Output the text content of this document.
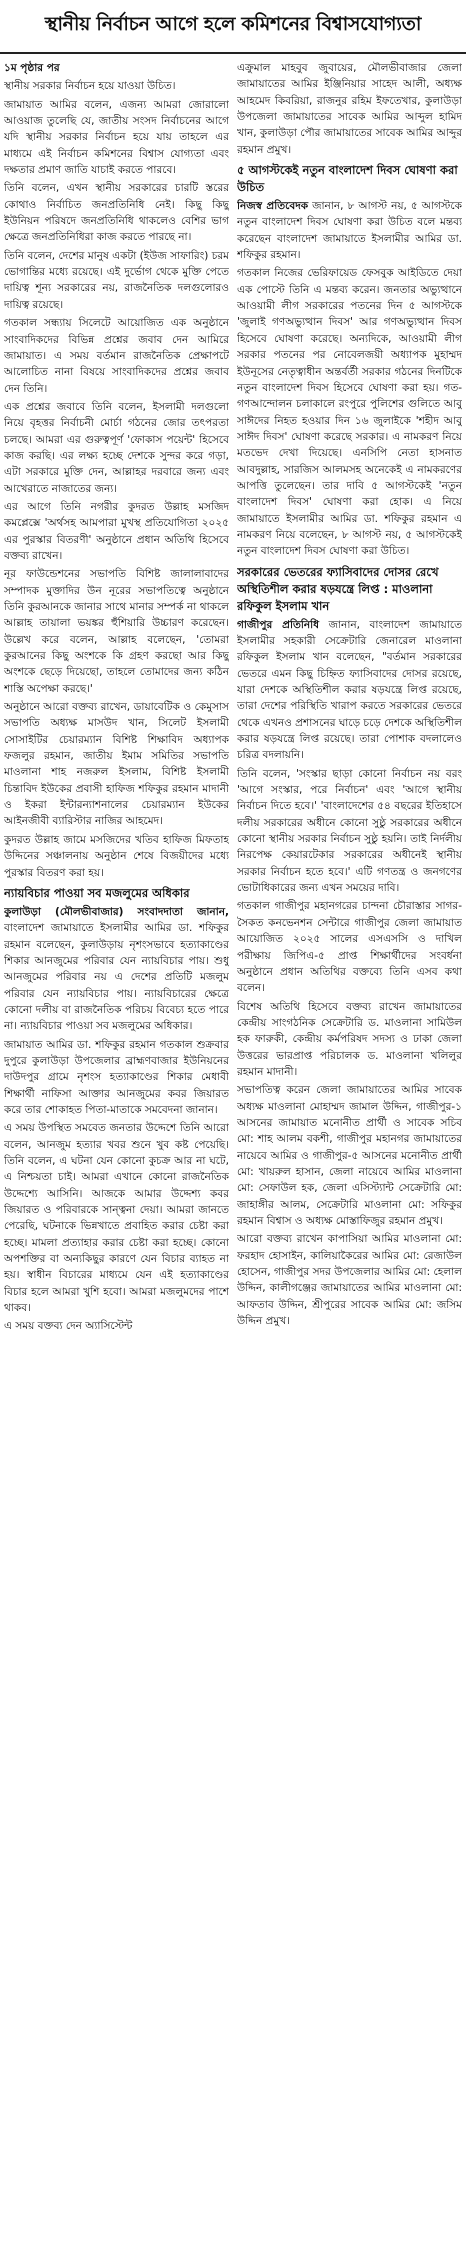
স্থানীয় নির্বাচন আগে হলে কমিশনের বিশ্বাসযোগ্যতা

১ম পৃষ্ঠার পর

স্থানীয় সরকার নির্বাচন হয়ে যাওয়া উচিত।

জামায়াত আমির বলেন, এজন্য আমরা জোরালো আওয়াজ তুলেছি যে, জাতীয় সংসদ নির্বাচনের আগে যদি স্থানীয় সরকার নির্বাচন হয়ে যায় তাহলে এর মাধ্যমে এই নির্বাচন কমিশনের বিশ্বাস যোগ্যতা এবং দক্ষতার প্রমাণ জাতি যাচাই করতে পারবে।

তিনি বলেন, এখন স্থানীয় সরকারের চারটি স্তরের কোথাও নির্বাচিত জনপ্রতিনিধি নেই। কিছু কিছু ইউনিয়ন পরিষদে জনপ্রতিনিধি থাকলেও বেশির ভাগ ক্ষেত্রে জনপ্রতিনিধিরা কাজ করতে পারছে না।

তিনি বলেন, দেশের মানুষ একটা (ইউজ সাফারিং) চরম ভোগান্তির মধ্যে রয়েছে। এই দুর্ভোগ থেকে মুক্তি পেতে দায়িত্ব শূন্য সরকারের নয়, রাজনৈতিক দলগুলোরও দায়িত্ব রয়েছে।

গতকাল সন্ধ্যায় সিলেটে আয়োজিত এক অনুষ্ঠানে সাংবাদিকদের বিভিন্ন প্রশ্নের জবাব দেন আমিরে জামায়াত। এ সময় বর্তমান রাজনৈতিক প্রেক্ষাপটে আলোচিত নানা বিষয়ে সাংবাদিকদের প্রশ্নের জবাব দেন তিনি।

এক প্রশ্নের জবাবে তিনি বলেন, ইসলামী দলগুলো নিয়ে বৃহত্তর নির্বাচনী মোর্চা গঠনের জোর তৎপরতা চলছে। আমরা এর গুরুত্বপূর্ণ 'ফোকাস পয়েন্ট' হিসেবে কাজ করছি। এর লক্ষ্য হচ্ছে দেশকে সুন্দর করে গড়া, এটা সরকারে মুক্তি দেন, আল্লাহর দরবারে জন্য এবং আখেরাতে নাজাতের জন্য।

এর আগে তিনি নগরীর কুদরত উল্লাহ মসজিদ কমপ্লেক্সে 'অর্থসহ আমপারা মুখস্থ প্রতিযোগিতা ২০২৫ এর পুরস্কার বিতরণী' অনুষ্ঠানে প্রধান অতিথি হিসেবে বক্তব্য রাখেন।

নূর ফাউন্ডেশনের সভাপতি বিশিষ্ট জালালাবাদের সম্পাদক মুক্তাদির উন নূরের সভাপতিত্বে অনুষ্ঠানে তিনি কুরআনকে জানার সাথে মানার সম্পর্ক না থাকলে আল্লাহ তায়ালা ভয়ঙ্কর হুঁশিয়ারি উচ্চারণ করেছেন। উল্লেখ করে বলেন, আল্লাহ বলেছেন, 'তোমরা কুরআনের কিছু অংশকে কি গ্রহণ করছো আর কিছু অংশকে ছেড়ে দিয়েছো, তাহলে তোমাদের জন্য কঠিন শাস্তি অপেক্ষা করছে।'

অনুষ্ঠানে আরো বক্তব্য রাখেন, ডায়াবেটিক ও কেমুসাস সভাপতি অধ্যক্ষ মাসউদ খান, সিলেট ইসলামী সোসাইটির চেয়ারম্যান বিশিষ্ট শিক্ষাবিদ অধ্যাপক ফজলুর রহমান, জাতীয় ইমাম সমিতির সভাপতি মাওলানা শাহ নজরুল ইসলাম, বিশিষ্ট ইসলামী চিন্তাবিদ ইউকের প্রবাসী হাফিজ শফিকুর রহমান মাদানী ও ইকরা ইন্টারন্যাশনালের চেয়ারম্যান ইউকের আইনজীবী ব্যারিস্টার নাজির আহমেদ।

কুদরত উল্লাহ জামে মসজিদের খতিব হাফিজ মিফতাহ উদ্দিনের সঞ্চালনায় অনুষ্ঠান শেষে বিজয়ীদের মধ্যে পুরস্কার বিতরণ করা হয়।

ন্যায়বিচার পাওয়া সব মজলুমের অধিকার

কুলাউড়া (মৌলভীবাজার) সংবাদদাতা জানান, বাংলাদেশ জামায়াতে ইসলামীর আমির ডা. শফিকুর রহমান বলেছেন, কুলাউড়ায় নৃশংসভাবে হত্যাকাণ্ডের শিকার আনজুমের পরিবার যেন ন্যায়বিচার পায়। শুধু আনজুমের পরিবার নয় এ দেশের প্রতিটি মজলুম পরিবার যেন ন্যায়বিচার পায়। ন্যায়বিচারের ক্ষেত্রে কোনো দলীয় বা রাজনৈতিক পরিচয় বিবেচ্য হতে পারে না। ন্যায়বিচার পাওয়া সব মজলুমের অধিকার।

জামায়াত আমির ডা. শফিকুর রহমান গতকাল শুক্রবার দুপুরে কুলাউড়া উপজেলার ব্রাহ্মণবাজার ইউনিয়নের দাউদপুর গ্রামে নৃশংস হত্যাকাণ্ডের শিকার মেধাবী শিক্ষার্থী নাফিসা আক্তার আনজুমের কবর জিয়ারত করে তার শোকাহত পিতা-মাতাকে সমবেদনা জানান।

এ সময় উপস্থিত সমবেত জনতার উদ্দেশে তিনি আরো বলেন, আনজুম হত্যার খবর শুনে খুব কষ্ট পেয়েছি। তিনি বলেন, এ ঘটনা যেন কোনো কুচক্র আর না ঘটে, এ নিশ্চয়তা চাই। আমরা এখানে কোনো রাজনৈতিক উদ্দেশ্যে আসিনি। আজকে আমার উদ্দেশ্য কবর জিয়ারত ও পরিবারকে সান্ত্বনা দেয়া। আমরা জানতে পেরেছি, ঘটনাকে ভিন্নখাতে প্রবাহিত করার চেষ্টা করা হচ্ছে। মামলা প্রত্যাহার করার চেষ্টা করা হচ্ছে। কোনো অপশক্তির বা অন্যকিছুর কারণে যেন বিচার ব্যাহত না হয়। স্বাধীন বিচারের মাধ্যমে যেন এই হত্যাকাণ্ডের বিচার হলে আমরা খুশি হবো। আমরা মজলুমদের পাশে থাকব।

এ সময় বক্তব্য দেন অ্যাসিস্টেন্ট

এক্রুমাল মাহবুব জুবায়ের, মৌলভীবাজার জেলা জামায়াতের আমির ইঞ্জিনিয়ার সাহেদ আলী, অধ্যক্ষ আহমেদ কিবরিয়া, রাজনুর রহিম ইফতেখার, কুলাউড়া উপজেলা জামায়াতের সাবেক আমির আব্দুল হামিদ খান, কুলাউড়া পৌর জামায়াতের সাবেক আমির আব্দুর রহমান প্রমুখ।

৫ আগস্টকেই নতুন বাংলাদেশ দিবস ঘোষণা করা উচিত

নিজস্ব প্রতিবেদক জানান, ৮ আগস্ট নয়, ৫ আগস্টকে নতুন বাংলাদেশ দিবস ঘোষণা করা উচিত বলে মন্তব্য করেছেন বাংলাদেশ জামায়াতে ইসলামীর আমির ডা. শফিকুর রহমান।

গতকাল নিজের ভেরিফায়েড ফেসবুক আইডিতে দেয়া এক পোস্টে তিনি এ মন্তব্য করেন। জনতার অভ্যুত্থানে আওয়ামী লীগ সরকারের পতনের দিন ৫ আগস্টকে 'জুলাই গণঅভ্যুত্থান দিবস' আর গণঅভ্যুত্থান দিবস হিসেবে ঘোষণা করেছে। অন্যদিকে, আওয়ামী লীগ সরকার পতনের পর নোবেলজয়ী অধ্যাপক মুহাম্মদ ইউনূসের নেতৃত্বাধীন অন্তর্বর্তী সরকার গঠনের দিনটিকে নতুন বাংলাদেশ দিবস হিসেবে ঘোষণা করা হয়। গত-গণআন্দোলন চলাকালে রংপুরে পুলিশের গুলিতে আবু সাঈদের নিহত হওয়ার দিন ১৬ জুলাইকে 'শহীদ আবু সাঈদ দিবস' ঘোষণা করেছে সরকার। এ নামকরণ নিয়ে মতভেদ দেখা দিয়েছে। এনসিপি নেতা হাসনাত আবদুল্লাহ, সারজিস আলমসহ অনেকেই এ নামকরণের আপত্তি তুলেছেন। তার দাবি ৫ আগস্টকেই 'নতুন বাংলাদেশ দিবস' ঘোষণা করা হোক। এ নিয়ে জামায়াতে ইসলামীর আমির ডা. শফিকুর রহমান এ নামকরণ নিয়ে বলেছেন, ৮ আগস্ট নয়, ৫ আগস্টকেই নতুন বাংলাদেশ দিবস ঘোষণা করা উচিত।

সরকারের ভেতরের ফ্যাসিবাদের দোসর রেখে অস্থিতিশীল করার ষড়যন্ত্রে লিপ্ত : মাওলানা রফিকুল ইসলাম খান

গাজীপুর প্রতিনিধি জানান, বাংলাদেশ জামায়াতে ইসলামীর সহকারী সেক্রেটারি জেনারেল মাওলানা রফিকুল ইসলাম খান বলেছেন, "বর্তমান সরকারের ভেতরে এমন কিছু চিহ্নিত ফ্যাসিবাদের দোসর রয়েছে, যারা দেশকে অস্থিতিশীল করার ষড়যন্ত্রে লিপ্ত রয়েছে, তারা দেশের পরিস্থিতি খারাপ করতে সরকারের ভেতরে থেকে এখনও প্রশাসনের ঘাড়ে চড়ে দেশকে অস্থিতিশীল করার ষড়যন্ত্রে লিপ্ত রয়েছে। তারা পোশাক বদলালেও চরিত্র বদলায়নি।

তিনি বলেন, 'সংস্কার ছাড়া কোনো নির্বাচন নয় বরং 'আগে সংস্কার, পরে নির্বাচন' এবং 'আগে স্থানীয় নির্বাচন দিতে হবে।' 'বাংলাদেশের ৫৪ বছরের ইতিহাসে দলীয় সরকারের অধীনে কোনো সুষ্ঠু সরকারের অধীনে কোনো স্থানীয় সরকার নির্বাচন সুষ্ঠু হয়নি। তাই নির্দলীয় নিরপেক্ষ কেয়ারটেকার সরকারের অধীনেই স্থানীয় সরকার নির্বাচন হতে হবে।' এটি গণতন্ত্র ও জনগণের ভোটাধিকারের জন্য এখন সময়ের দাবি।

গতকাল গাজীপুর মহানগরের চান্দনা চৌরাস্তার সাগর-সৈকত কনভেনশন সেন্টারে গাজীপুর জেলা জামায়াত আয়োজিত ২০২৫ সালের এসএসসি ও দাখিল পরীক্ষায় জিপিএ-৫ প্রাপ্ত শিক্ষার্থীদের সংবর্ধনা অনুষ্ঠানে প্রধান অতিথির বক্তব্যে তিনি এসব কথা বলেন।

বিশেষ অতিথি হিসেবে বক্তব্য রাখেন জামায়াতের কেন্দ্রীয় সাংগঠনিক সেক্রেটারি ড. মাওলানা সামিউল হক ফারুকী, কেন্দ্রীয় কর্মপরিষদ সদস্য ও ঢাকা জেলা উত্তরের ভারপ্রাপ্ত পরিচালক ড. মাওলানা খলিলুর রহমান মাদানী।

সভাপতিত্ব করেন জেলা জামায়াতের আমির সাবেক অধ্যক্ষ মাওলানা মোহাম্মদ জামাল উদ্দিন, গাজীপুর-১ আসনের জামায়াত মনোনীত প্রার্থী ও সাবেক সচিব মো: শাহ আলম বকশী, গাজীপুর মহানগর জামায়াতের নায়েবে আমির ও গাজীপুর-৫ আসনের মনোনীত প্রার্থী মো: খায়রুল হাসান, জেলা নায়েবে আমির মাওলানা মো: সেফাউল হক, জেলা এসিস্ট্যান্ট সেক্রেটারি মো: জাহাঙ্গীর আলম, সেক্রেটারি মাওলানা মো: সফিকুর রহমান বিশ্বাস ও অধ্যক্ষ মোস্তাফিজুর রহমান প্রমুখ।

আরো বক্তব্য রাখেন কাপাসিয়া আমির মাওলানা মো: ফরহাদ হোসাইন, কালিয়াকৈরের আমির মো: রেজাউল হোসেন, গাজীপুর সদর উপজেলার আমির মো: হেলাল উদ্দিন, কালীগঞ্জের জামায়াতের আমির মাওলানা মো: আফতাব উদ্দিন, শ্রীপুরের সাবেক আমির মো: জসিম উদ্দিন প্রমুখ।
